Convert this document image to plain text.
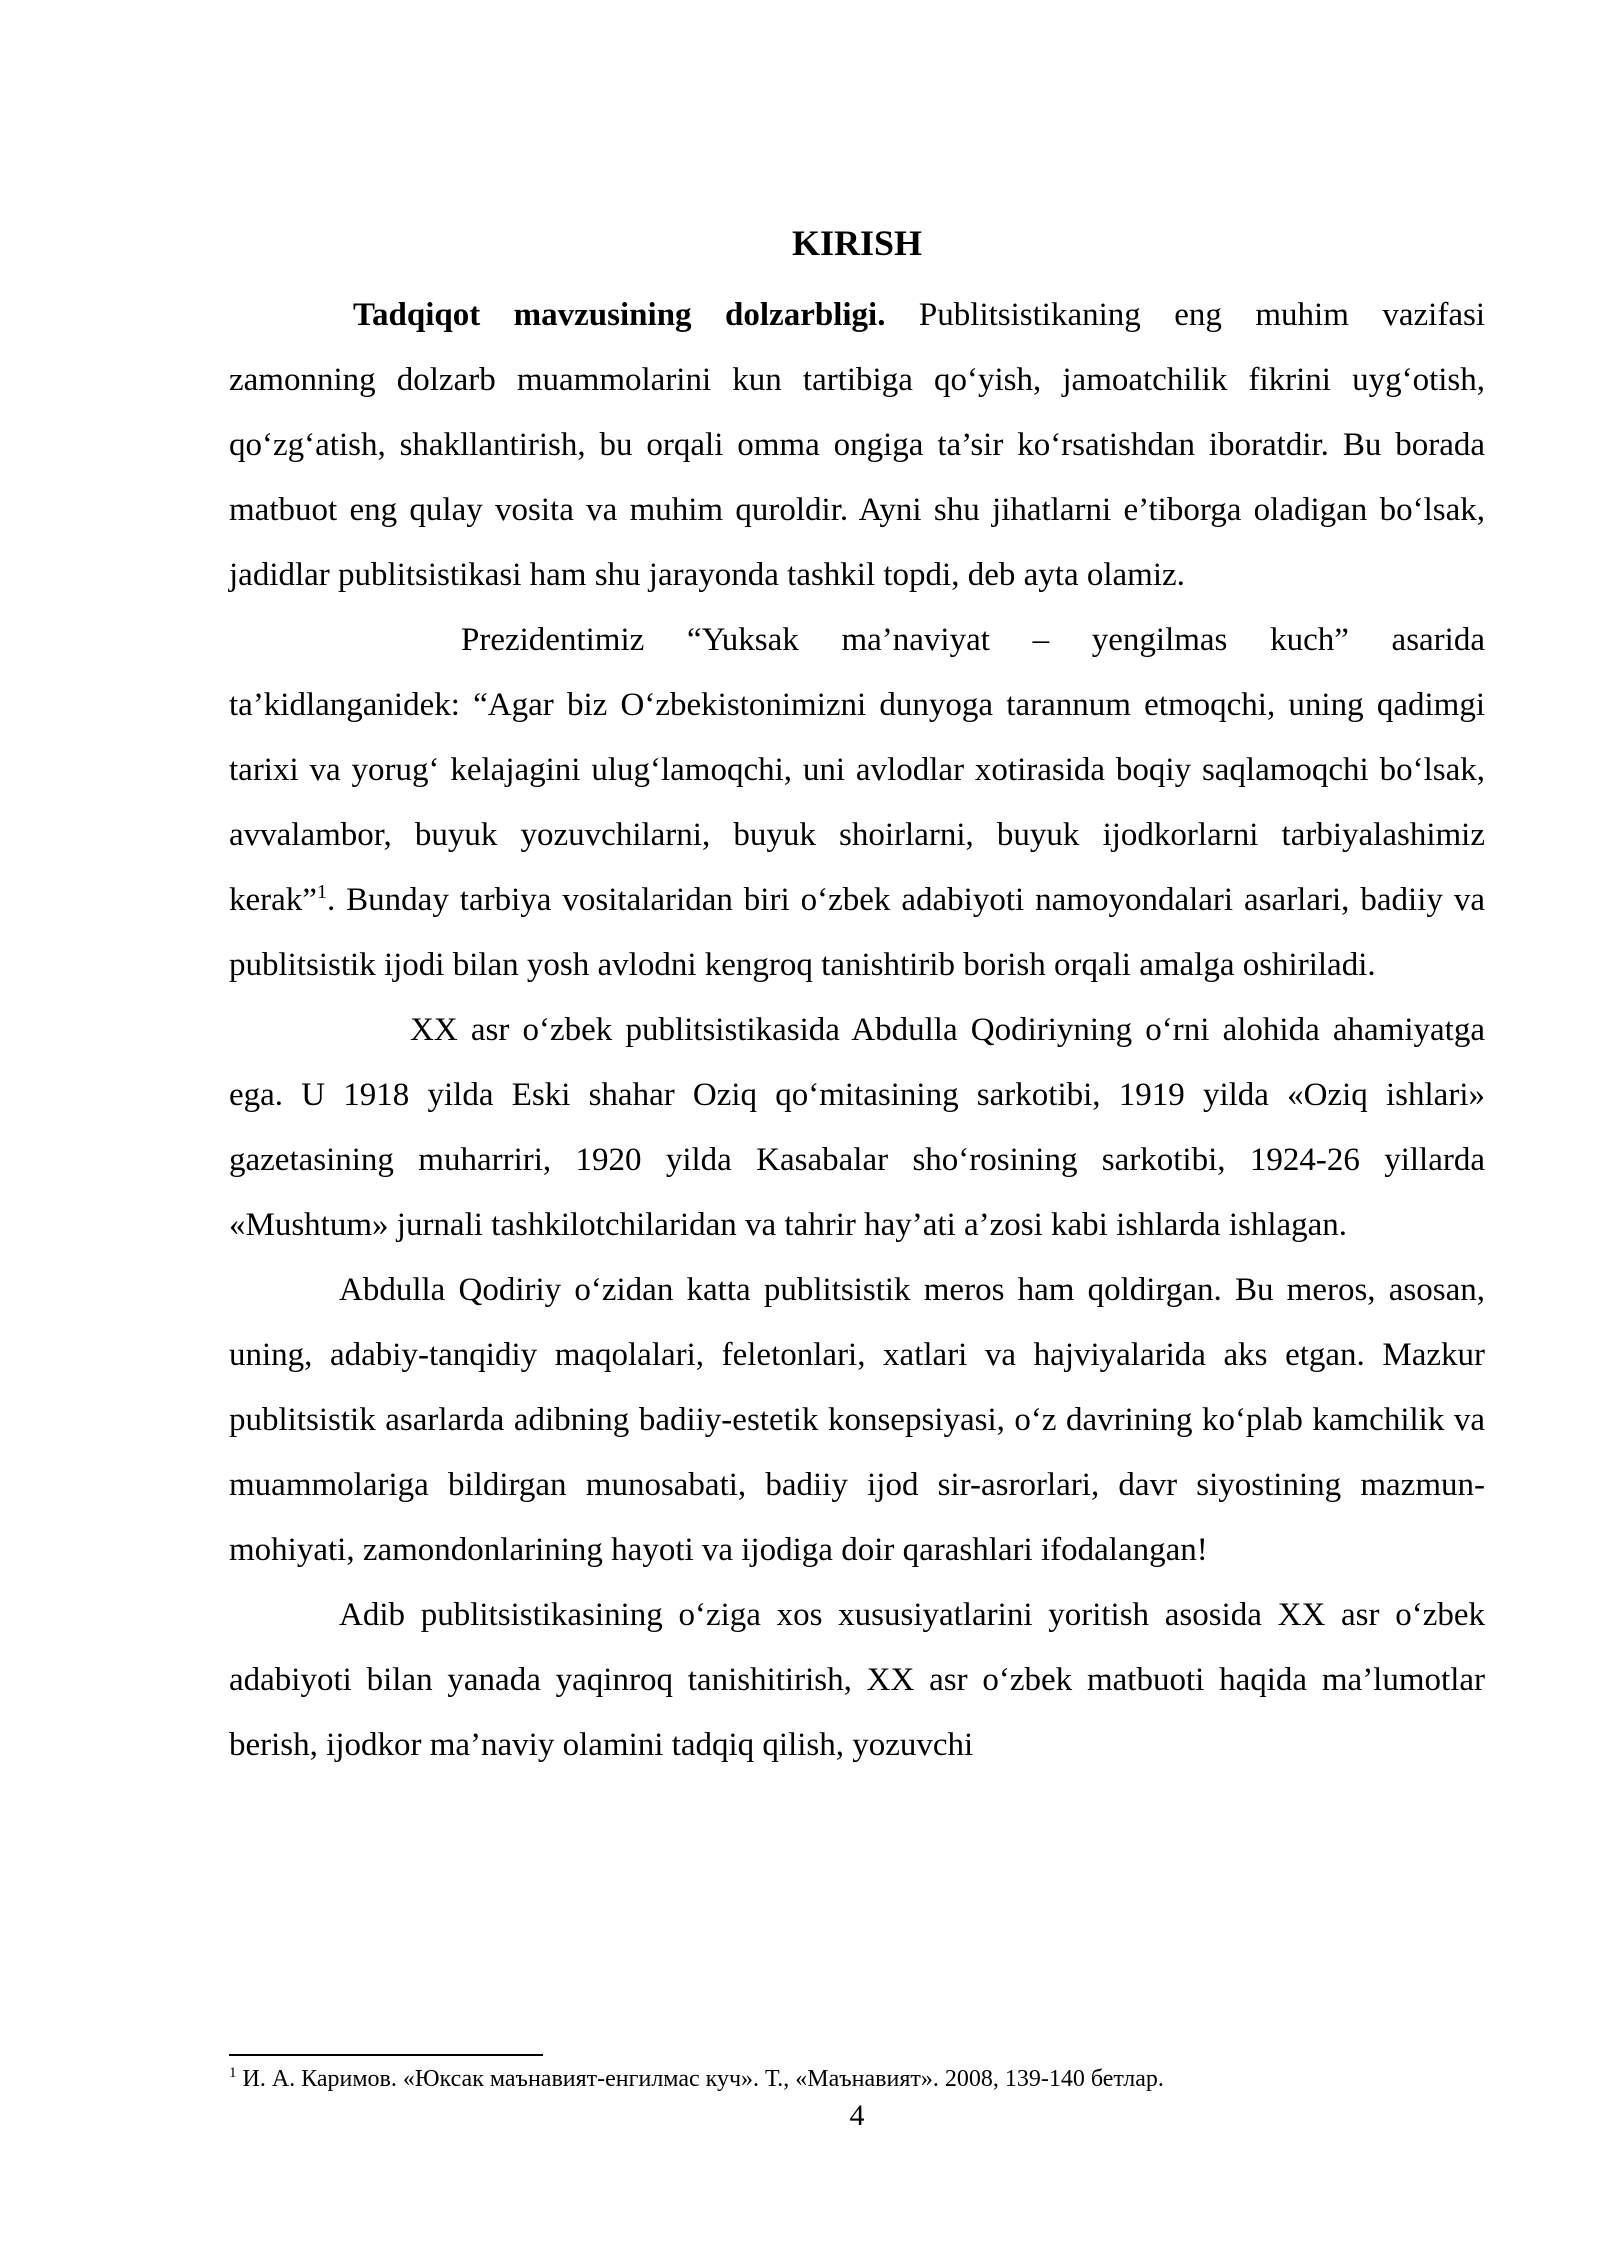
KIRISH

Tadqiqot mavzusining dolzarbligi. Publitsistikaning eng muhim vazifasi zamonning dolzarb muammolarini kun tartibiga qo‘yish, jamoatchilik fikrini uyg‘otish, qo‘zg‘atish, shakllantirish, bu orqali omma ongiga ta’sir ko‘rsatishdan iboratdir. Bu borada matbuot eng qulay vosita va muhim quroldir. Ayni shu jihatlarni e’tiborga oladigan bo‘lsak, jadidlar publitsistikasi ham shu jarayonda tashkil topdi, deb ayta olamiz.

Prezidentimiz “Yuksak ma’naviyat – yengilmas kuch” asarida ta’kidlanganidek: “Agar biz O‘zbekistonimizni dunyoga tarannum etmoqchi, uning qadimgi tarixi va yorug‘ kelajagini ulug‘lamoqchi, uni avlodlar xotirasida boqiy saqlamoqchi bo‘lsak, avvalambor, buyuk yozuvchilarni, buyuk shoirlarni, buyuk ijodkorlarni tarbiyalashimiz kerak”$^1$. Bunday tarbiya vositalaridan biri o‘zbek adabiyoti namoyondalari asarlari, badiiy va publitsistik ijodi bilan yosh avlodni kengroq tanishtirib borish orqali amalga oshiriladi.

XX asr o‘zbek publitsistikasida Abdulla Qodiriyning o‘rni alohida ahamiyatga ega. U 1918 yilda Eski shahar Oziq qo‘mitasining sarkotibi, 1919 yilda «Oziq ishlari» gazetasining muharriri, 1920 yilda Kasabalar sho‘rosining sarkotibi, 1924-26 yillarda «Mushtum» jurnali tashkilotchilaridan va tahrir hay’ati a’zosi kabi ishlarda ishlagan.

Abdulla Qodiriy o‘zidan katta publitsistik meros ham qoldirgan. Bu meros, asosan, uning, adabiy-tanqidiy maqolalari, feletonlari, xatlari va hajviyalarida aks etgan. Mazkur publitsistik asarlarda adibning badiiy-estetik konsepsiyasi, o‘z davrining ko‘plab kamchilik va muammolariga bildirgan munosabati, badiiy ijod sir-asrorlari, davr siyostining mazmun-mohiyati, zamondonlarining hayoti va ijodiga doir qarashlari ifodalangan!

Adib publitsistikasining o‘ziga xos xususiyatlarini yoritish asosida XX asr o‘zbek adabiyoti bilan yanada yaqinroq tanishitirish, XX asr o‘zbek matbuoti haqida ma’lumotlar berish, ijodkor ma’naviy olamini tadqiq qilish, yozuvchi

$^1$ И. А. Каримов. «Юксак маънавият-енгилмас куч». Т., «Маънавият». 2008, 139-140 бетлар.

4
